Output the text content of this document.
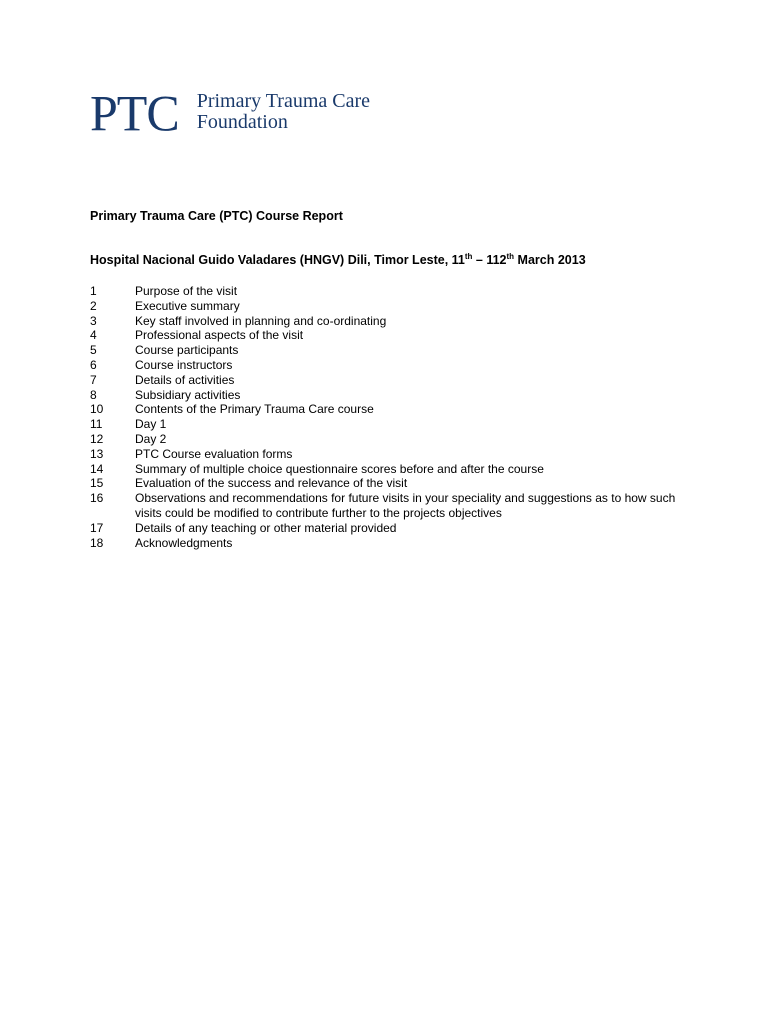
PTC Primary Trauma Care
Foundation
Primary Trauma Care (PTC) Course Report
Hospital Nacional Guido Valadares (HNGV) Dili, Timor Leste, 11th – 112th March 2013
1	Purpose of the visit
2	Executive summary
3	Key staff involved in planning and co-ordinating
4	Professional aspects of the visit
5	Course participants
6	Course instructors
7	Details of activities
8	Subsidiary activities
10	Contents of the Primary Trauma Care course
11	Day 1
12	Day 2
13	PTC Course evaluation forms
14	Summary of multiple choice questionnaire scores before and after the course
15	Evaluation of the success and relevance of the visit
16	Observations and recommendations for future visits in your speciality and suggestions as to how such visits could be modified to contribute further to the projects objectives
17	Details of any teaching or other material provided
18	Acknowledgments
